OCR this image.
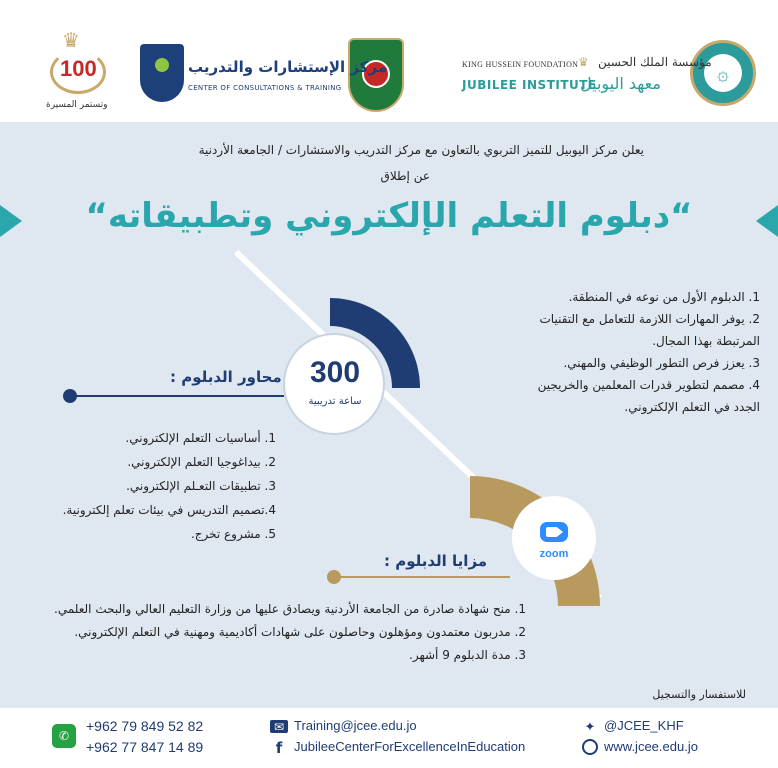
۞
♛ مؤسسة الملك الحسين
KING HUSSEIN FOUNDATION
JUBILEE INSTITUTE
معهد اليوبيل
مركز الإستشارات والتدريب
CENTER OF CONSULTATIONS & TRAINING
♛
100
وتستمر المسيرة
يعلن مركز اليوبيل للتميز التربوي بالتعاون مع مركز التدريب والاستشارات / الجامعة الأردنية
عن إطلاق
“دبلوم التعلم الإلكتروني وتطبيقاته“
300
ساعة تدريبية
zoom
1. الدبلوم الأول من نوعه في المنطقة.
2. يوفر المهارات اللازمة للتعامل مع التقنيات المرتبطة بهذا المجال.
3. يعزز فرص التطور الوظيفي والمهني.
4. مصمم لتطوير قدرات المعلمين والخريجين الجدد في التعلم الإلكتروني.
محاور الدبلوم :
1. أساسيات التعلم الإلكتروني.
2. بيداغوجيا التعلم الإلكتروني.
3. تطبيقات التعـلم الإلكتروني.
4.تصميم التدريس في بيئات تعلم إلكترونية.
5. مشروع تخرج.
مزايا الدبلوم :
1. منح شهادة صادرة من الجامعة الأردنية ويصادق عليها من وزارة التعليم العالي والبحث العلمي.
2. مدربون معتمدون ومؤهلون وحاصلون على شهادات أكاديمية ومهنية في التعلم الإلكتروني.
3. مدة الدبلوم 9 أشهر.
للاستفسار والتسجيل
✆
+962 79 849 52 82
+962 77 847 14 89
✉ Training@jcee.edu.jo
f JubileeCenterForExcellenceInEducation
✦ @JCEE_KHF
www.jcee.edu.jo
